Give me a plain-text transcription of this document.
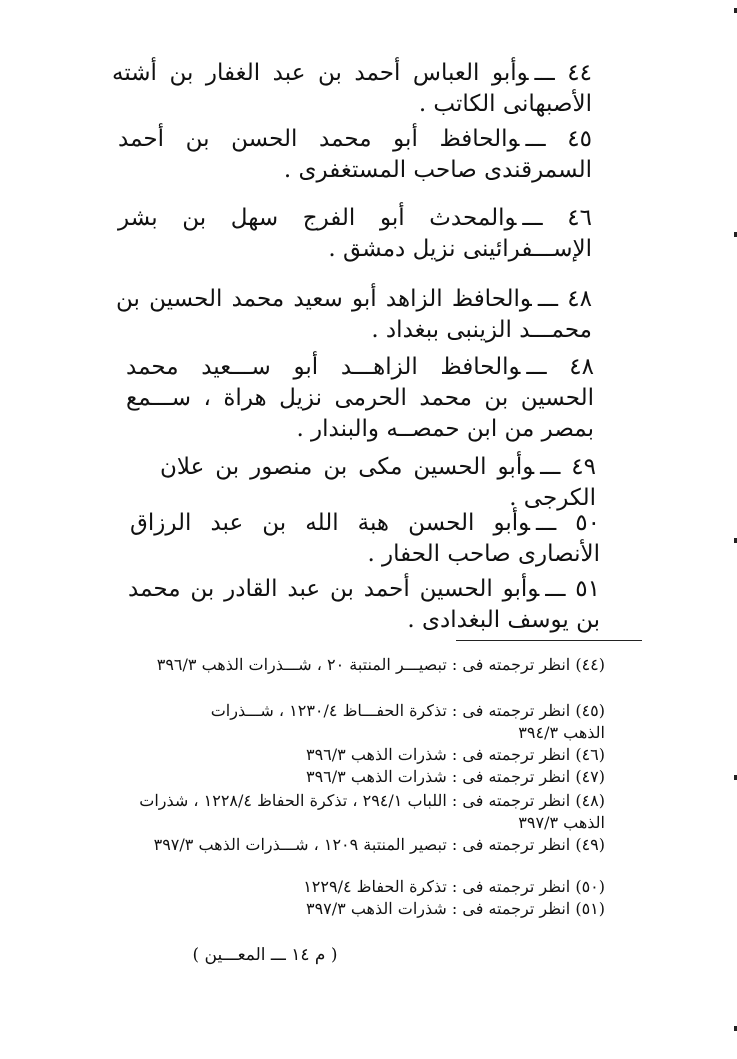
٤٤ ـــوأبو العباس أحمد بن عبد الغفار بن أشته الأصبهانى الكاتب .
٤٥ ـــوالحافظ أبو محمد الحسن بن أحمد السمرقندى صاحب المستغفرى .
٤٦ ـــوالمحدث أبو الفرج سهل بن بشر الإســـفرائينى نزيل دمشق .
٤٨ ـــوالحافظ الزاهد أبو سعيد محمد الحسين بن محمـــد الزينبى ببغداد .
٤٨ ـــوالحافظ الزاهـــد أبو ســـعيد محمد الحسين بن محمد الحرمى نزيل هراة ، ســـمع بمصر من ابن حمصــه والبندار .
٤٩ ـــوأبو الحسين مكى بن منصور بن علان الكرجى .
٥٠ ـــوأبو الحسن هبة الله بن عبد الرزاق الأنصارى صاحب الحفار .
٥١ ـــوأبو الحسين أحمد بن عبد القادر بن محمد بن يوسف البغدادى .
(٤٤) انظر ترجمته فى : تبصيـــر المنتبة ٢٠ ، شـــذرات الذهب ٣٩٦/٣
(٤٥) انظر ترجمته فى : تذكرة الحفـــاظ ١٢٣٠/٤ ، شـــذرات الذهب ٣٩٤/٣
(٤٦) انظر ترجمته فى : شذرات الذهب ٣٩٦/٣
(٤٧) انظر ترجمته فى : شذرات الذهب ٣٩٦/٣
(٤٨) انظر ترجمته فى : اللباب ٢٩٤/١ ، تذكرة الحفاظ ١٢٢٨/٤ ، شذرات الذهب ٣٩٧/٣
(٤٩) انظر ترجمته فى : تبصير المنتبة ١٢٠٩ ، شـــذرات الذهب ٣٩٧/٣
(٥٠) انظر ترجمته فى : تذكرة الحفاظ ١٢٢٩/٤
(٥١) انظر ترجمته فى : شذرات الذهب ٣٩٧/٣
( م ١٤ ـــ المعـــين )
